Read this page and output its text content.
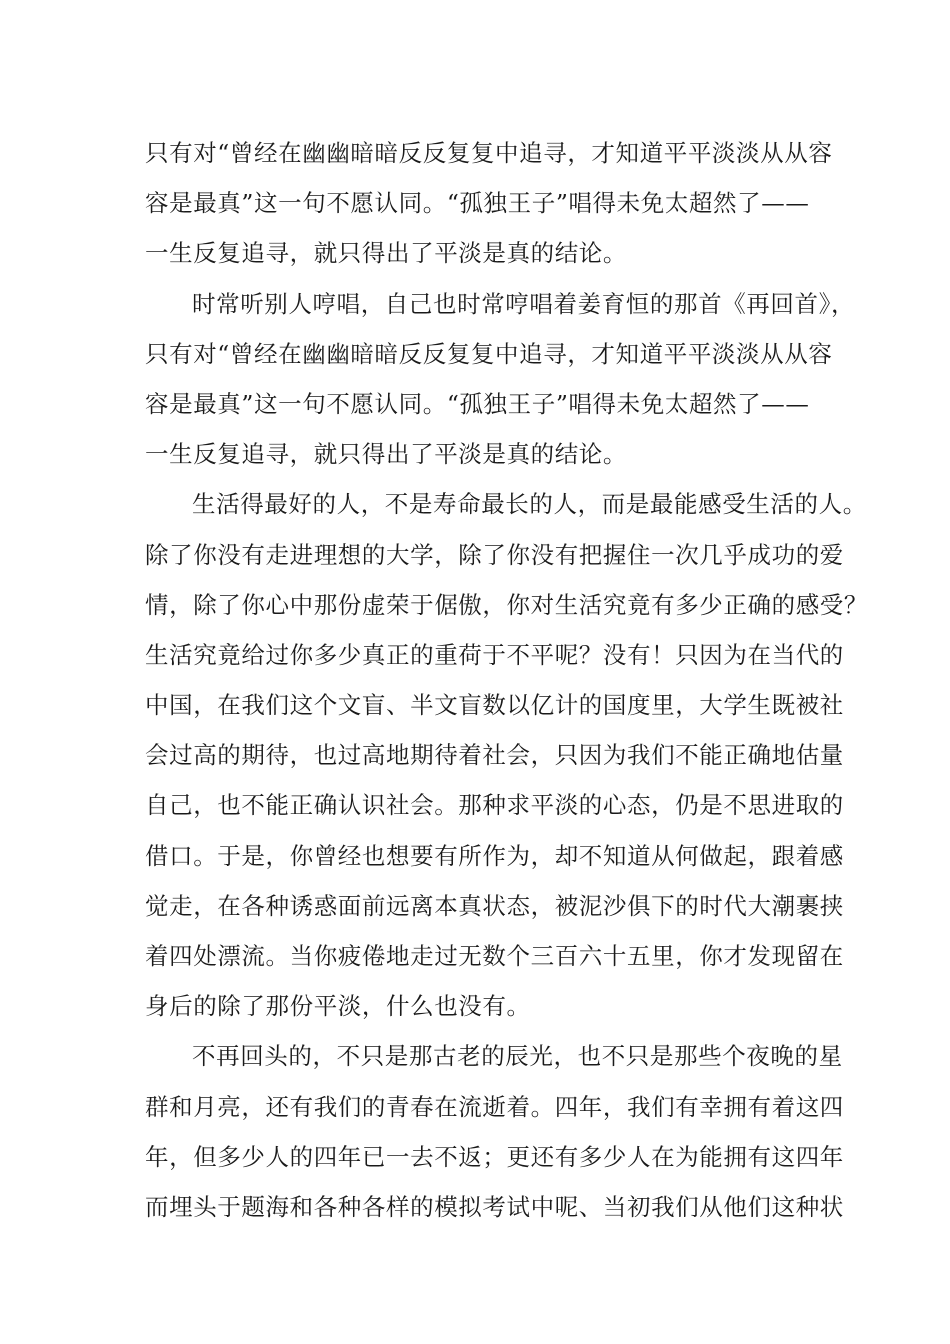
只有对“曾经在幽幽暗暗反反复复中追寻，才知道平平淡淡从从容
容是最真”这一句不愿认同。“孤独王子”唱得未免太超然了——
一生反复追寻，就只得出了平淡是真的结论。
时常听别人哼唱，自己也时常哼唱着姜育恒的那首《再回首》，
只有对“曾经在幽幽暗暗反反复复中追寻，才知道平平淡淡从从容
容是最真”这一句不愿认同。“孤独王子”唱得未免太超然了——
一生反复追寻，就只得出了平淡是真的结论。
生活得最好的人，不是寿命最长的人，而是最能感受生活的人。
除了你没有走进理想的大学，除了你没有把握住一次几乎成功的爱
情，除了你心中那份虚荣于倨傲，你对生活究竟有多少正确的感受？
生活究竟给过你多少真正的重荷于不平呢？没有！只因为在当代的
中国，在我们这个文盲、半文盲数以亿计的国度里，大学生既被社
会过高的期待，也过高地期待着社会，只因为我们不能正确地估量
自己，也不能正确认识社会。那种求平淡的心态，仍是不思进取的
借口。于是，你曾经也想要有所作为，却不知道从何做起，跟着感
觉走，在各种诱惑面前远离本真状态，被泥沙俱下的时代大潮裹挟
着四处漂流。当你疲倦地走过无数个三百六十五里，你才发现留在
身后的除了那份平淡，什么也没有。
不再回头的，不只是那古老的辰光，也不只是那些个夜晚的星
群和月亮，还有我们的青春在流逝着。四年，我们有幸拥有着这四
年，但多少人的四年已一去不返；更还有多少人在为能拥有这四年
而埋头于题海和各种各样的模拟考试中呢、当初我们从他们这种状
